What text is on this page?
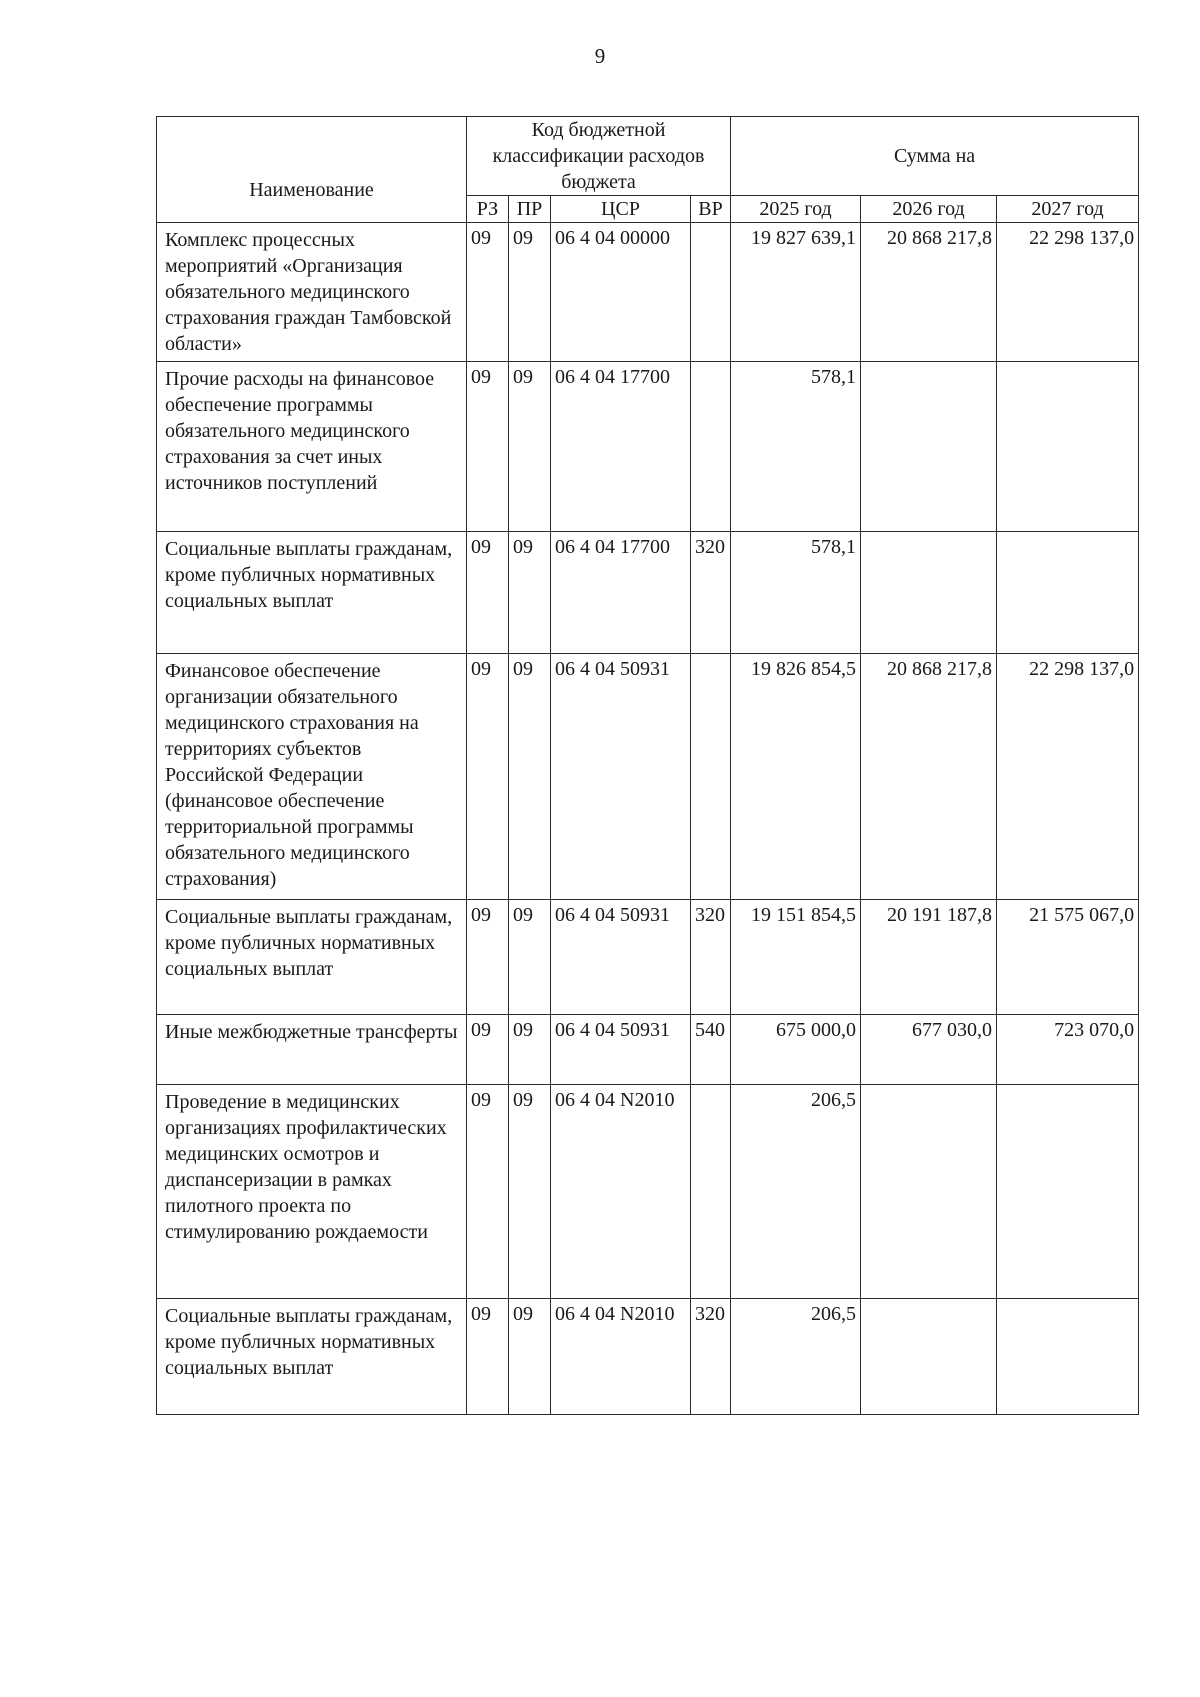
9
Наименование	Код бюджетной классификации расходов бюджета				Сумма на		
	РЗ	ПР	ЦСР	ВР	2025 год	2026 год	2027 год
Комплекс процессных мероприятий «Организация обязательного медицинского страхования граждан Тамбовской области»	09	09	06 4 04 00000		19 827 639,1	20 868 217,8	22 298 137,0
Прочие расходы на финансовое обеспечение программы обязательного медицинского страхования за счет иных источников поступлений	09	09	06 4 04 17700		578,1		
Социальные выплаты гражданам, кроме публичных нормативных социальных выплат	09	09	06 4 04 17700	320	578,1		
Финансовое обеспечение организации обязательного медицинского страхования на территориях субъектов Российской Федерации (финансовое обеспечение территориальной программы обязательного медицинского страхования)	09	09	06 4 04 50931		19 826 854,5	20 868 217,8	22 298 137,0
Социальные выплаты гражданам, кроме публичных нормативных социальных выплат	09	09	06 4 04 50931	320	19 151 854,5	20 191 187,8	21 575 067,0
Иные межбюджетные трансферты	09	09	06 4 04 50931	540	675 000,0	677 030,0	723 070,0
Проведение в медицинских организациях профилактических медицинских осмотров и диспансеризации в рамках пилотного проекта по стимулированию рождаемости	09	09	06 4 04 N2010		206,5		
Социальные выплаты гражданам, кроме публичных нормативных социальных выплат	09	09	06 4 04 N2010	320	206,5		
